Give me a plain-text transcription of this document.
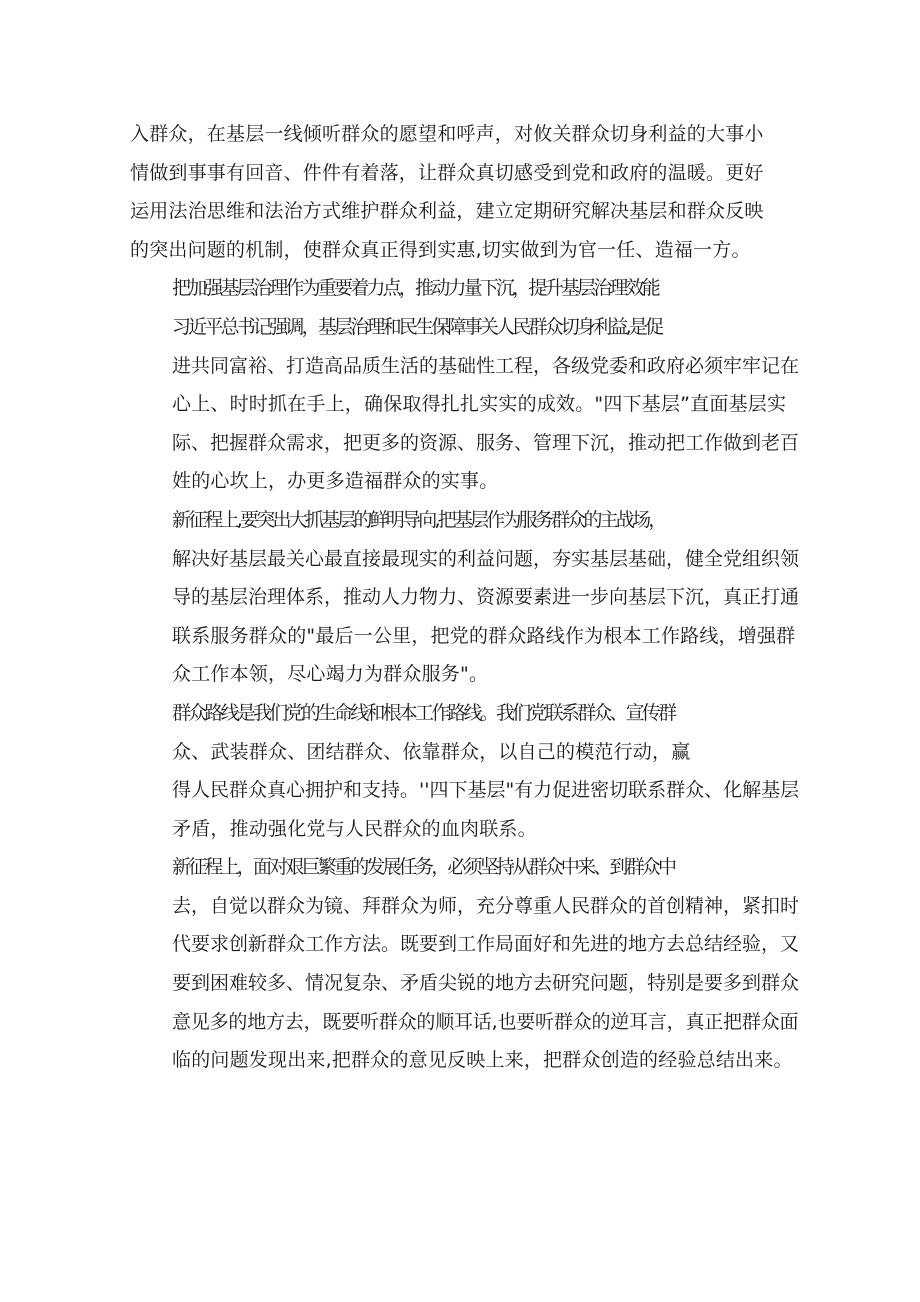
入群众，在基层一线倾听群众的愿望和呼声，对攸关群众切身利益的大事小
情做到事事有回音、件件有着落，让群众真切感受到党和政府的温暖。更好
运用法治思维和法治方式维护群众利益，建立定期研究解决基层和群众反映
的突出问题的机制，使群众真正得到实惠,切实做到为官一任、造福一方。
把加强基层治理作为重要着力点，推动力量下沉，提升基层治理效能
习近平总书记强调，基层治理和民生保障事关人民群众切身利益,是促
进共同富裕、打造高品质生活的基础性工程，各级党委和政府必须牢牢记在
心上、时时抓在手上，确保取得扎扎实实的成效。"四下基层”直面基层实
际、把握群众需求，把更多的资源、服务、管理下沉，推动把工作做到老百
姓的心坎上，办更多造福群众的实事。
新征程上,要突出大抓基层的鲜明导向,把基层作为服务群众的主战场，
解决好基层最关心最直接最现实的利益问题，夯实基层基础，健全党组织领
导的基层治理体系，推动人力物力、资源要素进一步向基层下沉，真正打通
联系服务群众的"最后一公里，把党的群众路线作为根本工作路线，增强群
众工作本领，尽心竭力为群众服务"。
群众路线是我们党的生命线和根本工作路线。我们党联系群众、宣传群
众、武装群众、团结群众、依靠群众，以自己的模范行动，赢
得人民群众真心拥护和支持。''四下基层"有力促进密切联系群众、化解基层
矛盾，推动强化党与人民群众的血肉联系。
新征程上，面对艰巨繁重的发展任务，必须坚持从群众中来、到群众中
去，自觉以群众为镜、拜群众为师，充分尊重人民群众的首创精神，紧扣时
代要求创新群众工作方法。既要到工作局面好和先进的地方去总结经验，又
要到困难较多、情况复杂、矛盾尖锐的地方去研究问题，特别是要多到群众
意见多的地方去，既要听群众的顺耳话,也要听群众的逆耳言，真正把群众面
临的问题发现出来,把群众的意见反映上来，把群众创造的经验总结出来。
